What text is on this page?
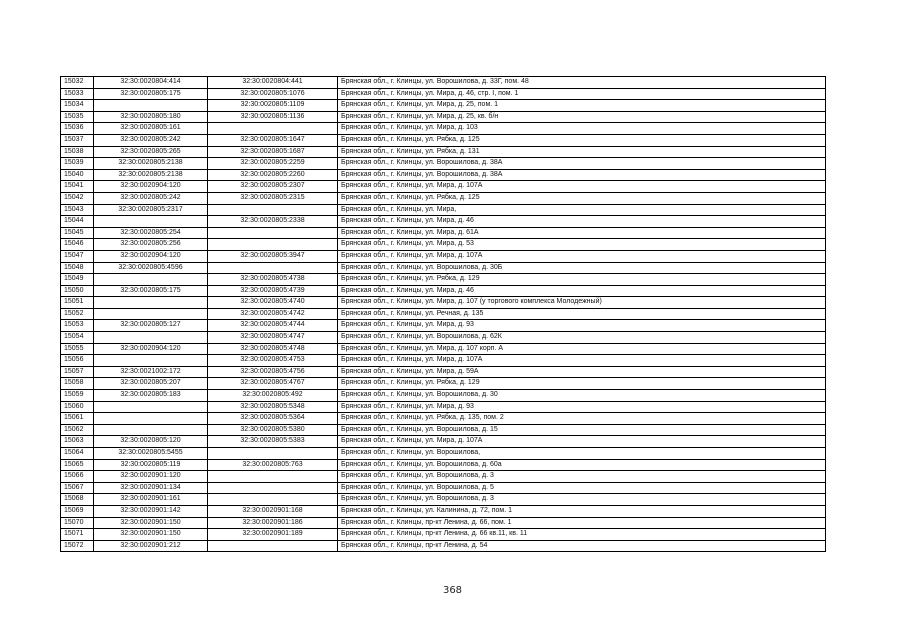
15032	32:30:0020804:414	32:30:0020804:441	Брянская обл., г. Клинцы, ул. Ворошилова, д. 33Г, пом. 48
15033	32:30:0020805:175	32:30:0020805:1076	Брянская обл., г. Клинцы, ул. Мира, д. 46, стр. I, пом. 1
15034		32:30:0020805:1109	Брянская обл., г. Клинцы, ул. Мира, д. 25, пом. 1
15035	32:30:0020805:180	32:30:0020805:1136	Брянская обл., г. Клинцы, ул. Мира, д. 25, кв. б/н
15036	32:30:0020805:161		Брянская обл., г. Клинцы, ул. Мира, д. 103
15037	32:30:0020805:242	32:30:0020805:1647	Брянская обл., г. Клинцы, ул. Рябка, д. 125
15038	32:30:0020805:265	32:30:0020805:1687	Брянская обл., г. Клинцы, ул. Рябка, д. 131
15039	32:30:0020805:2138	32:30:0020805:2259	Брянская обл., г. Клинцы, ул. Ворошилова, д. 38А
15040	32:30:0020805:2138	32:30:0020805:2260	Брянская обл., г. Клинцы, ул. Ворошилова, д. 38А
15041	32:30:0020904:120	32:30:0020805:2307	Брянская обл., г. Клинцы, ул. Мира, д. 107А
15042	32:30:0020805:242	32:30:0020805:2315	Брянская обл., г. Клинцы, ул. Рябка, д. 125
15043	32:30:0020805:2317		Брянская обл., г. Клинцы, ул. Мира,
15044		32:30:0020805:2338	Брянская обл., г. Клинцы, ул. Мира, д. 46
15045	32:30:0020805:254		Брянская обл., г. Клинцы, ул. Мира, д. 61А
15046	32:30:0020805:256		Брянская обл., г. Клинцы, ул. Мира, д. 53
15047	32:30:0020904:120	32:30:0020805:3947	Брянская обл., г. Клинцы, ул. Мира, д. 107А
15048	32:30:0020805:4596		Брянская обл., г. Клинцы, ул. Ворошилова, д. 30Б
15049		32:30:0020805:4738	Брянская обл., г. Клинцы, ул. Рябка, д. 129
15050	32:30:0020805:175	32:30:0020805:4739	Брянская обл., г. Клинцы, ул. Мира, д. 46
15051		32:30:0020805:4740	Брянская обл., г. Клинцы, ул. Мира, д. 107 (у торгового комплекса Молодежный)
15052		32:30:0020805:4742	Брянская обл., г. Клинцы, ул. Речная, д. 135
15053	32:30:0020805:127	32:30:0020805:4744	Брянская обл., г. Клинцы, ул. Мира, д. 93
15054		32:30:0020805:4747	Брянская обл., г. Клинцы, ул. Ворошилова, д. 62К
15055	32:30:0020904:120	32:30:0020805:4748	Брянская обл., г. Клинцы, ул. Мира, д. 107 корп. А
15056		32:30:0020805:4753	Брянская обл., г. Клинцы, ул. Мира, д. 107А
15057	32:30:0021002:172	32:30:0020805:4756	Брянская обл., г. Клинцы, ул. Мира, д. 59А
15058	32:30:0020805:207	32:30:0020805:4767	Брянская обл., г. Клинцы, ул. Рябка, д. 129
15059	32:30:0020805:183	32:30:0020805:492	Брянская обл., г. Клинцы, ул. Ворошилова, д. 30
15060		32:30:0020805:5348	Брянская обл., г. Клинцы, ул. Мира, д. 93
15061		32:30:0020805:5364	Брянская обл., г. Клинцы, ул. Рябка, д. 135, пом. 2
15062		32:30:0020805:5380	Брянская обл., г. Клинцы, ул. Ворошилова, д. 15
15063	32:30:0020805:120	32:30:0020805:5383	Брянская обл., г. Клинцы, ул. Мира, д. 107А
15064	32:30:0020805:5455		Брянская обл., г. Клинцы, ул. Ворошилова,
15065	32:30:0020805:119	32:30:0020805:763	Брянская обл., г. Клинцы, ул. Ворошилова, д. 60а
15066	32:30:0020901:120		Брянская обл., г. Клинцы, ул. Ворошилова, д. 3
15067	32:30:0020901:134		Брянская обл., г. Клинцы, ул. Ворошилова, д. 5
15068	32:30:0020901:161		Брянская обл., г. Клинцы, ул. Ворошилова, д. 3
15069	32:30:0020901:142	32:30:0020901:168	Брянская обл., г. Клинцы, ул. Калинина, д. 72, пом. 1
15070	32:30:0020901:150	32:30:0020901:186	Брянская обл., г. Клинцы, пр-кт Ленина, д. 66, пом. 1
15071	32:30:0020901:150	32:30:0020901:189	Брянская обл., г. Клинцы, пр-кт Ленина, д. 66 кв.11, кв. 11
15072	32:30:0020901:212		Брянская обл., г. Клинцы, пр-кт Ленина, д. 54
368
